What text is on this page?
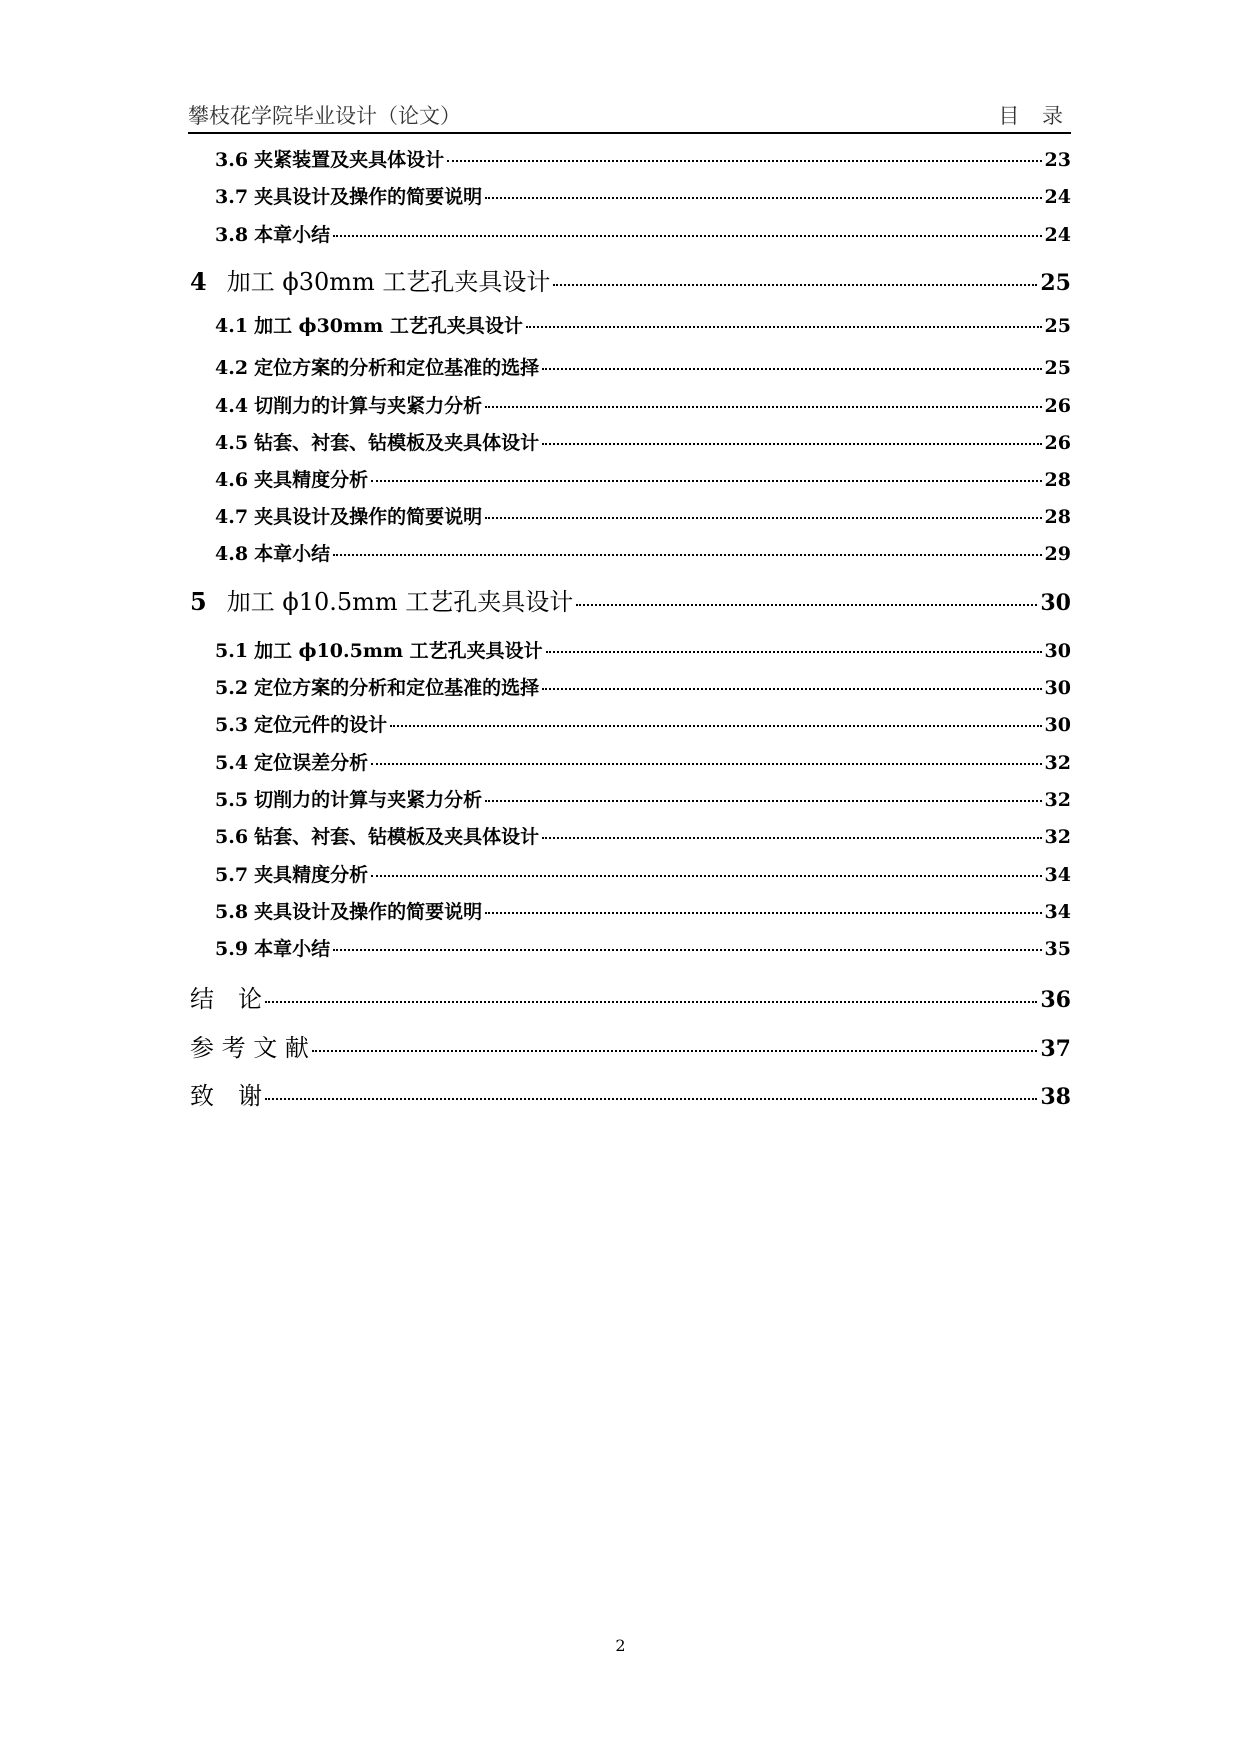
攀枝花学院毕业设计（论文）	目 录
3.6 夹紧装置及夹具体设计	23
3.7 夹具设计及操作的简要说明	24
3.8 本章小结	24
4 加工 ϕ30mm 工艺孔夹具设计	25
4.1 加工 ϕ30mm 工艺孔夹具设计	25
4.2 定位方案的分析和定位基准的选择	25
4.4 切削力的计算与夹紧力分析	26
4.5 钻套、衬套、钻模板及夹具体设计	26
4.6 夹具精度分析	28
4.7 夹具设计及操作的简要说明	28
4.8 本章小结	29
5 加工 ϕ10.5mm 工艺孔夹具设计	30
5.1 加工 ϕ10.5mm 工艺孔夹具设计	30
5.2 定位方案的分析和定位基准的选择	30
5.3 定位元件的设计	30
5.4 定位误差分析	32
5.5 切削力的计算与夹紧力分析	32
5.6 钻套、衬套、钻模板及夹具体设计	32
5.7 夹具精度分析	34
5.8 夹具设计及操作的简要说明	34
5.9 本章小结	35
结　论	36
参 考 文 献	37
致　谢	38
2
